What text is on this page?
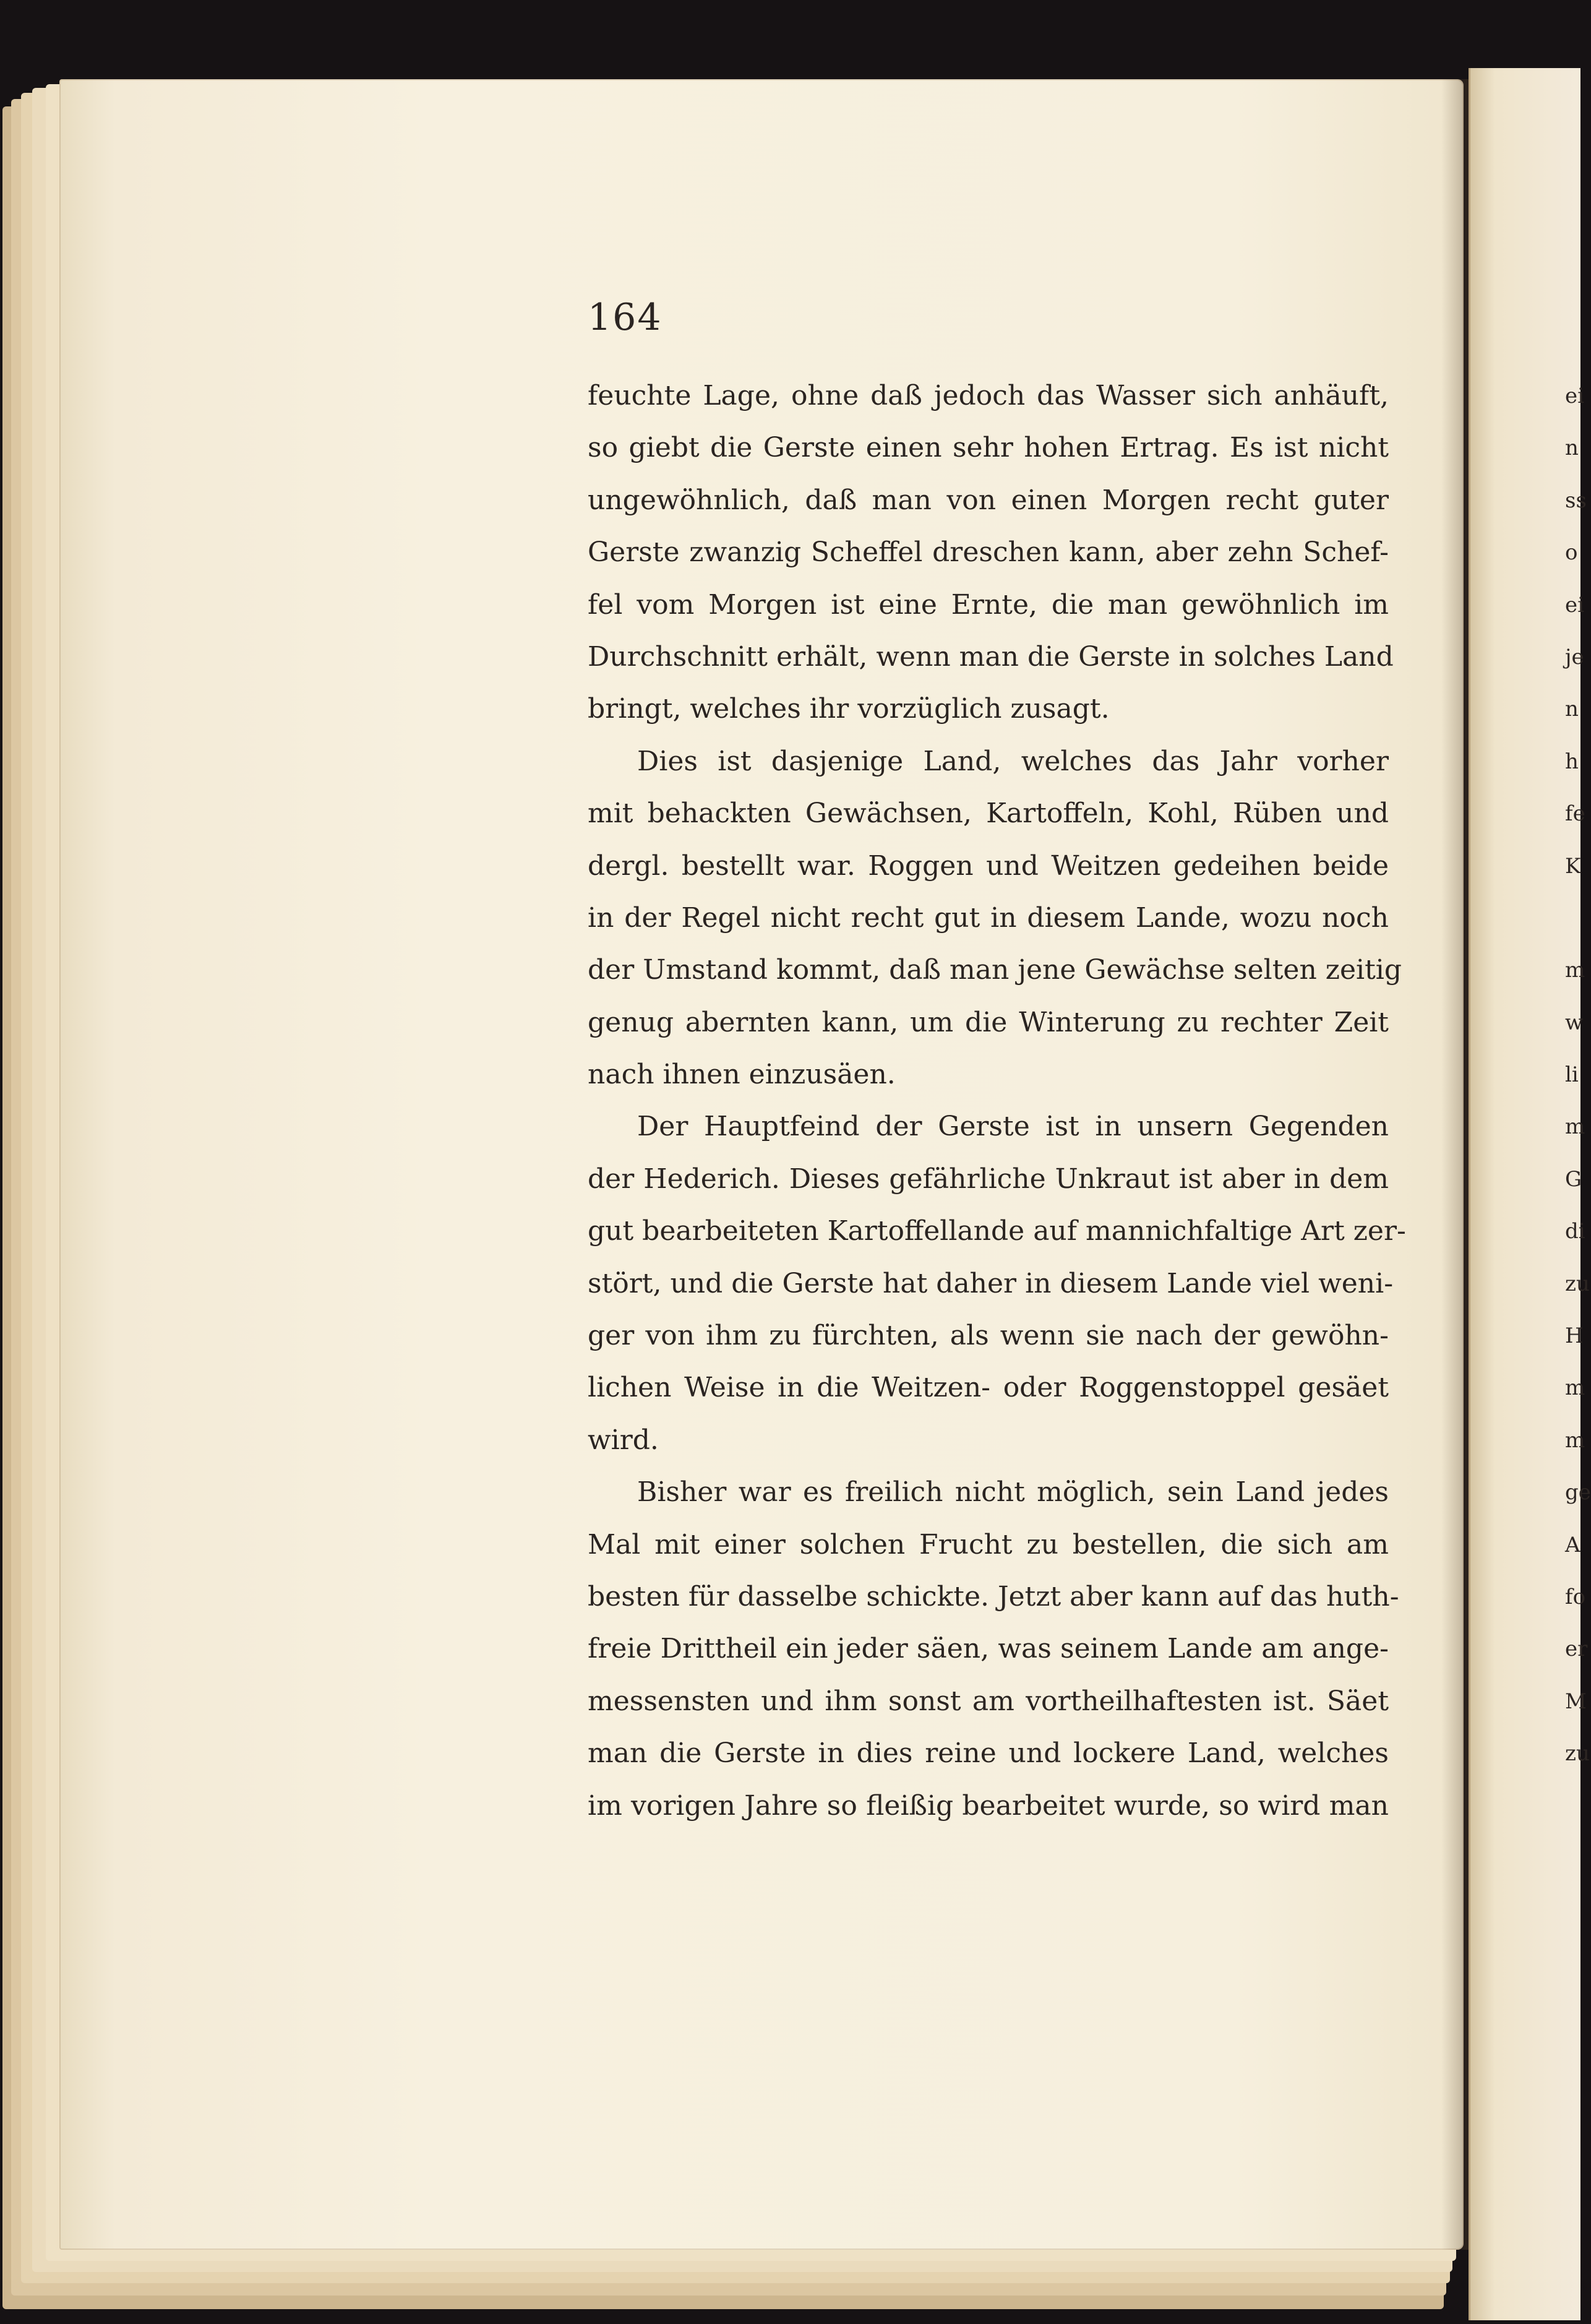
ei
n
ss
o
ei
je
n
h
fe
K
m
w
li
m
G
di
zu
H
m
m
ge
A
fo
er
M
zu
164
feuchte Lage, ohne daß jedoch das Wasser sich anhäuft,
so giebt die Gerste einen sehr hohen Ertrag. Es ist nicht
ungewöhnlich, daß man von einen Morgen recht guter
Gerste zwanzig Scheffel dreschen kann, aber zehn Schef-
fel vom Morgen ist eine Ernte, die man gewöhnlich im
Durchschnitt erhält, wenn man die Gerste in solches Land
bringt, welches ihr vorzüglich zusagt.
Dies ist dasjenige Land, welches das Jahr vorher
mit behackten Gewächsen, Kartoffeln, Kohl, Rüben und
dergl. bestellt war. Roggen und Weitzen gedeihen beide
in der Regel nicht recht gut in diesem Lande, wozu noch
der Umstand kommt, daß man jene Gewächse selten zeitig
genug abernten kann, um die Winterung zu rechter Zeit
nach ihnen einzusäen.
Der Hauptfeind der Gerste ist in unsern Gegenden
der Hederich. Dieses gefährliche Unkraut ist aber in dem
gut bearbeiteten Kartoffellande auf mannichfaltige Art zer-
stört, und die Gerste hat daher in diesem Lande viel weni-
ger von ihm zu fürchten, als wenn sie nach der gewöhn-
lichen Weise in die Weitzen- oder Roggenstoppel gesäet
wird.
Bisher war es freilich nicht möglich, sein Land jedes
Mal mit einer solchen Frucht zu bestellen, die sich am
besten für dasselbe schickte. Jetzt aber kann auf das huth-
freie Drittheil ein jeder säen, was seinem Lande am ange-
messensten und ihm sonst am vortheilhaftesten ist. Säet
man die Gerste in dies reine und lockere Land, welches
im vorigen Jahre so fleißig bearbeitet wurde, so wird man
